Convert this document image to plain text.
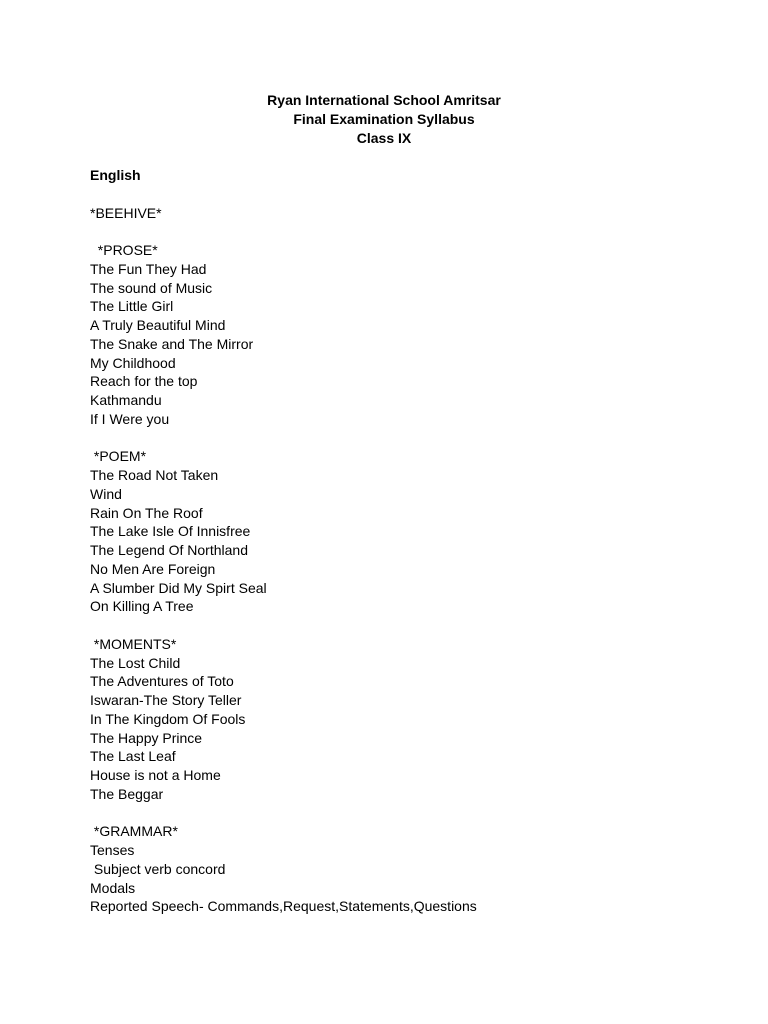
Ryan International School Amritsar
Final Examination Syllabus
Class IX
English
*BEEHIVE*
*PROSE*
The Fun They Had
The sound of Music
The Little Girl
A Truly Beautiful Mind
The Snake and The Mirror
My Childhood
Reach for the top
Kathmandu
If I Were you
*POEM*
The Road Not Taken
Wind
Rain On The Roof
The Lake Isle Of Innisfree
The Legend Of Northland
No Men Are Foreign
A Slumber Did My Spirt Seal
On Killing A Tree
*MOMENTS*
The Lost Child
The Adventures of Toto
Iswaran-The Story Teller
In The Kingdom Of Fools
The Happy Prince
The Last Leaf
House is not a Home
The Beggar
*GRAMMAR*
Tenses
Subject verb concord
Modals
Reported Speech- Commands,Request,Statements,Questions
